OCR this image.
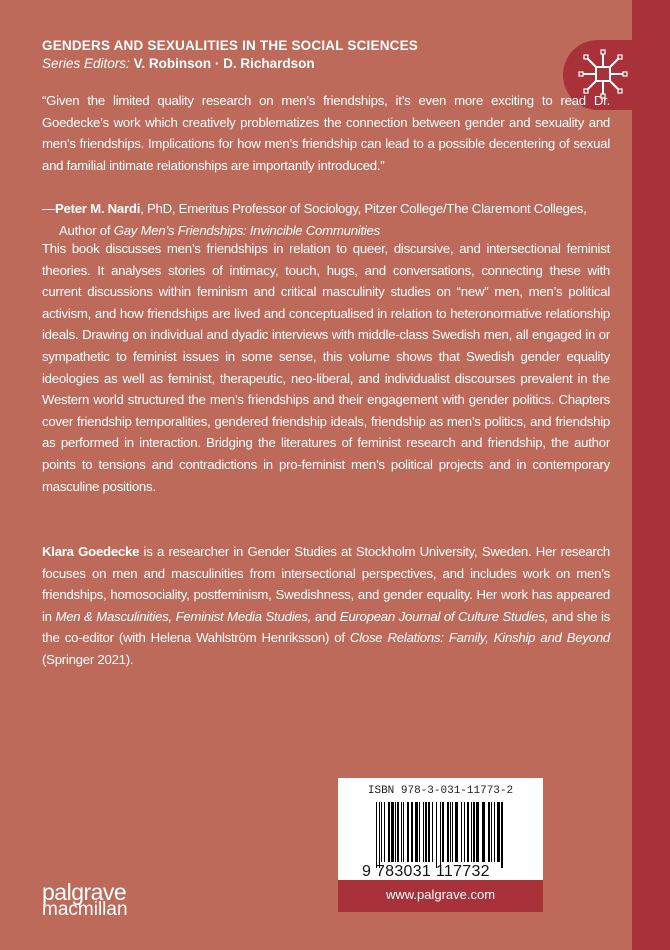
GENDERS AND SEXUALITIES IN THE SOCIAL SCIENCES
Series Editors: V. Robinson · D. Richardson
“Given the limited quality research on men’s friendships, it’s even more exciting to read Dr. Goedecke’s work which creatively problematizes the connection between gender and sexuality and men’s friendships. Implications for how men’s friendship can lead to a possible decentering of sexual and familial intimate relationships are importantly introduced.”
—Peter M. Nardi, PhD, Emeritus Professor of Sociology, Pitzer College/The Claremont Colleges, Author of Gay Men’s Friendships: Invincible Communities
This book discusses men’s friendships in relation to queer, discursive, and intersectional feminist theories. It analyses stories of intimacy, touch, hugs, and conversations, connecting these with current discussions within feminism and critical masculinity studies on “new” men, men’s political activism, and how friendships are lived and conceptualised in relation to heteronormative relationship ideals. Drawing on individual and dyadic interviews with middle-class Swedish men, all engaged in or sympathetic to feminist issues in some sense, this volume shows that Swedish gender equality ideologies as well as feminist, therapeutic, neo-liberal, and individualist discourses prevalent in the Western world structured the men’s friendships and their engagement with gender politics. Chapters cover friendship temporalities, gendered friendship ideals, friendship as men’s politics, and friendship as performed in interaction. Bridging the literatures of feminist research and friendship, the author points to tensions and contradictions in pro-feminist men’s political projects and in contemporary masculine positions.
Klara Goedecke is a researcher in Gender Studies at Stockholm University, Sweden. Her research focuses on men and masculinities from intersectional perspectives, and includes work on men’s friendships, homosociality, postfeminism, Swedishness, and gender equality. Her work has appeared in Men & Masculinities, Feminist Media Studies, and European Journal of Culture Studies, and she is the co-editor (with Helena Wahlström Henriksson) of Close Relations: Family, Kinship and Beyond (Springer 2021).
palgrave
macmillan
ISBN 978-3-031-11773-2
9 783031 117732
www.palgrave.com
